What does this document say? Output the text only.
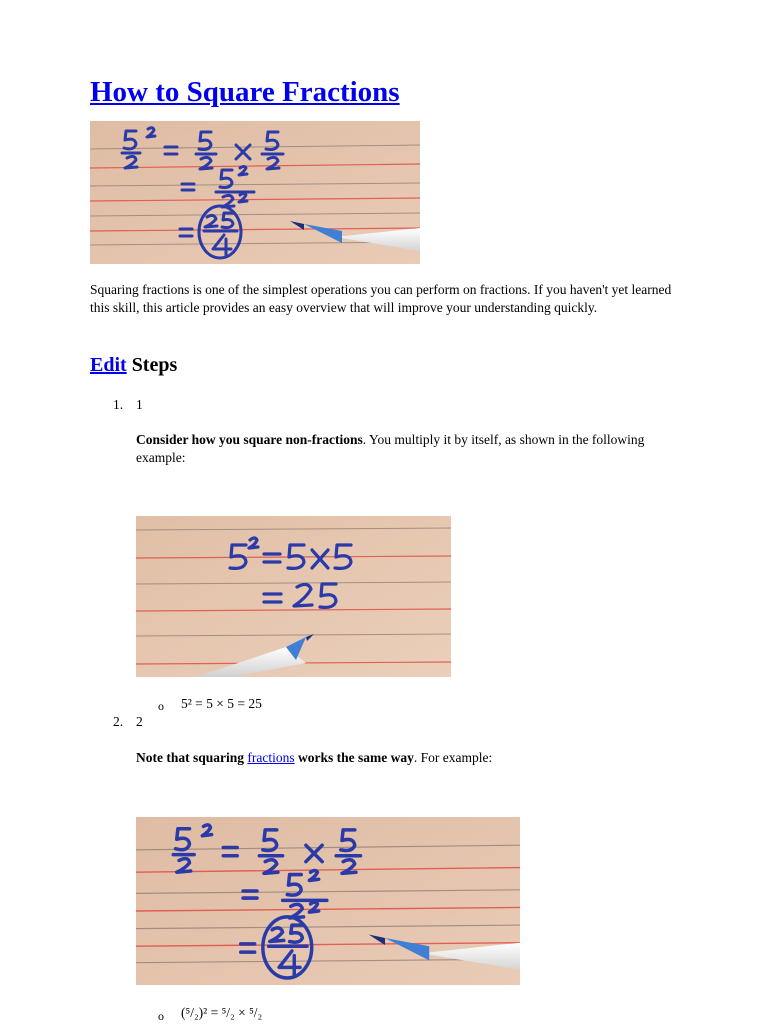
How to Square Fractions

Squaring fractions is one of the simplest operations you can perform on fractions. If you haven't yet learned this skill, this article provides an easy overview that will improve your understanding quickly.

Edit Steps
1. 1

Consider how you square non-fractions. You multiply it by itself, as shown in the following example:

o 5² = 5 × 5 = 25
2. 2

Note that squaring fractions works the same way. For example:

o (⁵/₂)² = ⁵/₂ × ⁵/₂
